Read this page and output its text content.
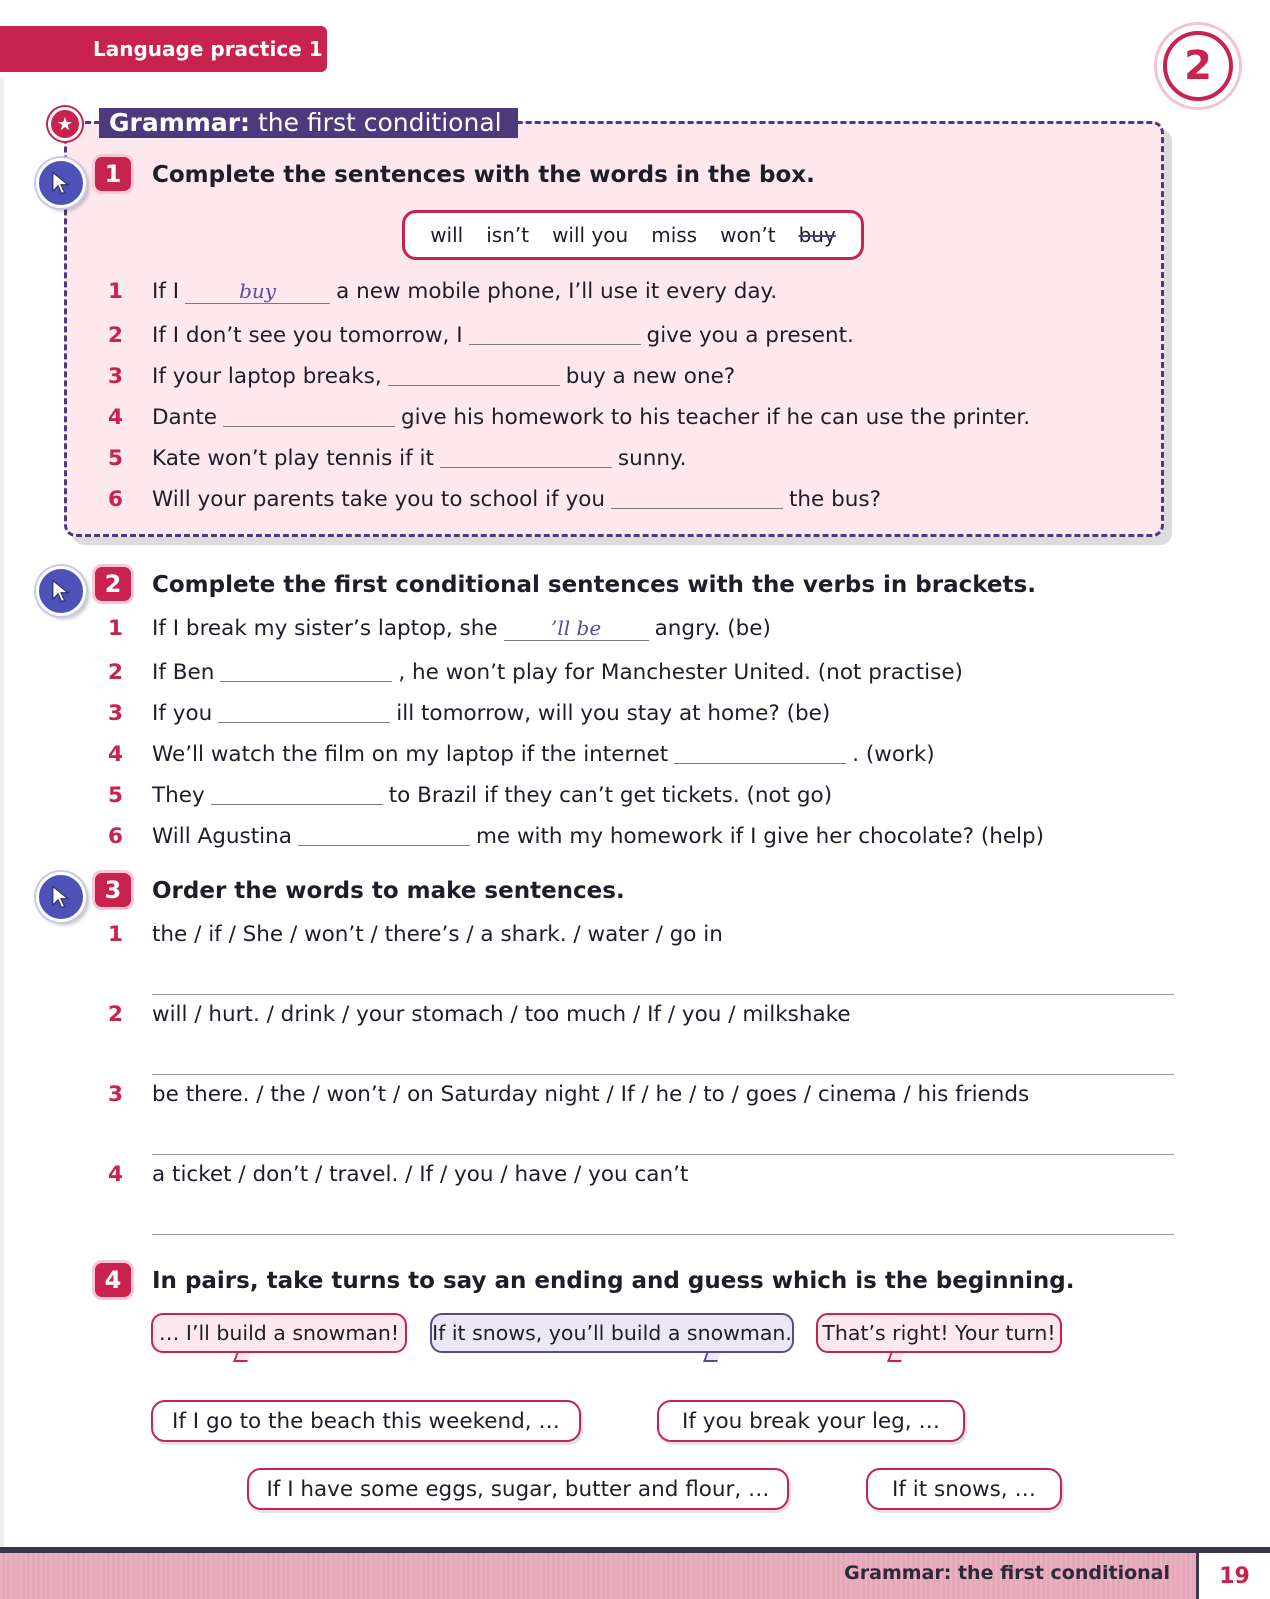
Language practice 1	2
★	Grammar: the first conditional
1	Complete the sentences with the words in the box.
will isn’t will you miss won’t buy
1	If I	buy	a new mobile phone, I’ll use it every day.
2	If I don’t see you tomorrow, I	give you a present.
3	If your laptop breaks,	buy a new one?
4	Dante	give his homework to his teacher if he can use the printer.
5	Kate won’t play tennis if it	sunny.
6	Will your parents take you to school if you	the bus?
2	Complete the first conditional sentences with the verbs in brackets.
1	If I break my sister’s laptop, she	’ll be	angry. (be)
2	If Ben	, he won’t play for Manchester United. (not practise)
3	If you	ill tomorrow, will you stay at home? (be)
4	We’ll watch the film on my laptop if the internet	. (work)
5	They	to Brazil if they can’t get tickets. (not go)
6	Will Agustina	me with my homework if I give her chocolate? (help)
3	Order the words to make sentences.
1	the / if / She / won’t / there’s / a shark. / water / go in
2	will / hurt. / drink / your stomach / too much / If / you / milkshake
3	be there. / the / won’t / on Saturday night / If / he / to / goes / cinema / his friends
4	a ticket / don’t / travel. / If / you / have / you can’t
4	In pairs, take turns to say an ending and guess which is the beginning.
… I’ll build a snowman!	If it snows, you’ll build a snowman.	That’s right! Your turn!
If I go to the beach this weekend, …	If you break your leg, …
If I have some eggs, sugar, butter and flour, …	If it snows, …
Grammar: the first conditional	19
